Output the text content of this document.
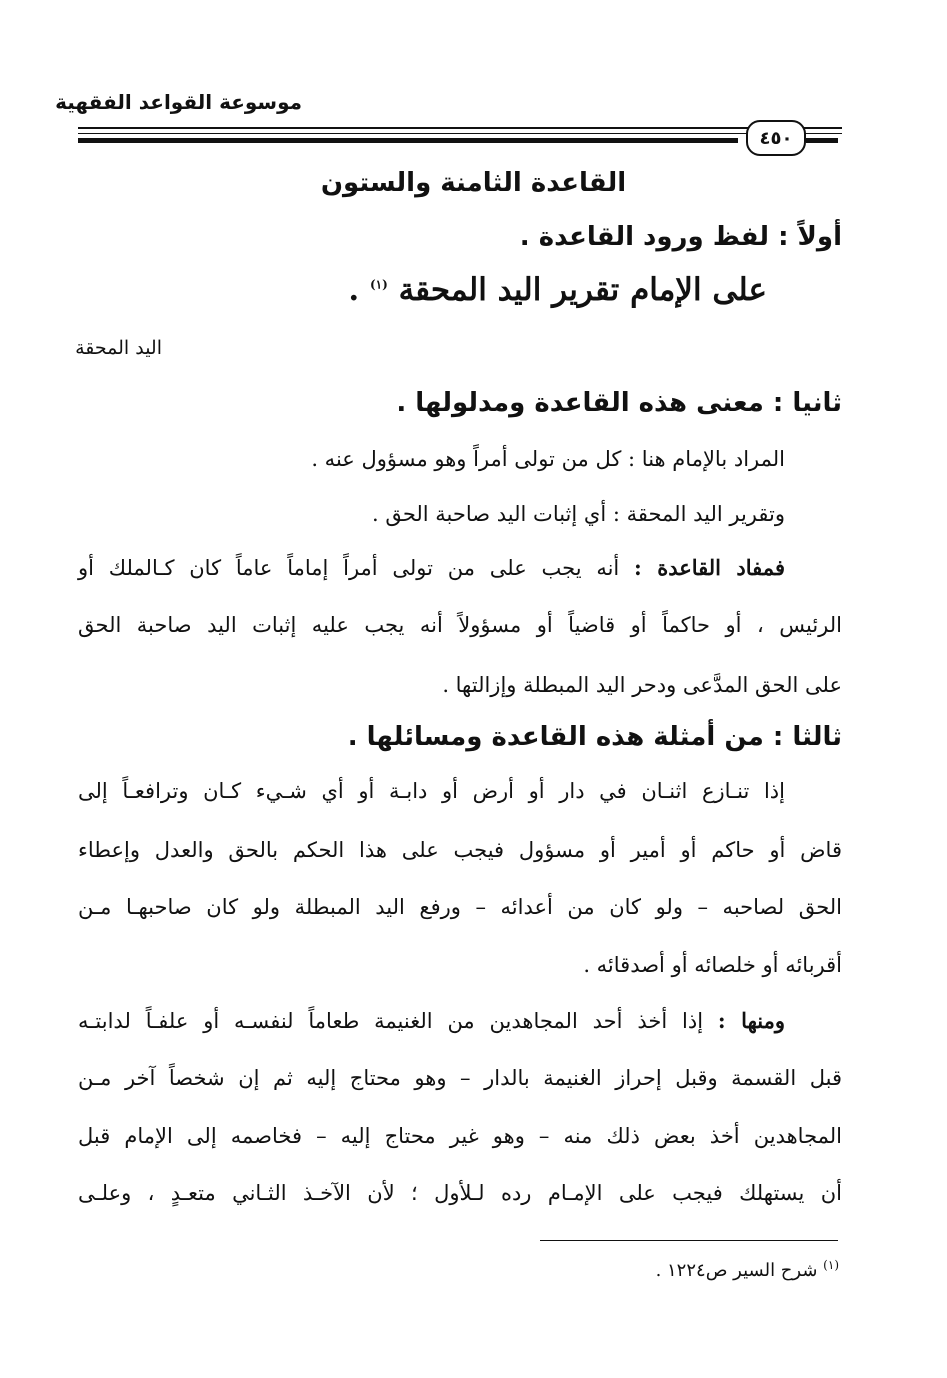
موسوعة القواعد الفقهية
٤٥٠
القاعدة الثامنة والستون
أولاً : لفظ ورود القاعدة .
على الإمام تقرير اليد المحقة $^{(١)}$ .
اليد المحقة
ثانيا : معنى هذه القاعدة ومدلولها .
المراد بالإمام هنا : كل من تولى أمراً وهو مسؤول عنه .
وتقرير اليد المحقة : أي إثبات اليد صاحبة الحق .
فمفاد القاعدة : أنه يجب على من تولى أمراً إماماً عاماً كان كـالملك أو
الرئيس ، أو حاكماً أو قاضياً أو مسؤولاً أنه يجب عليه إثبات اليد صاحبة الحق
على الحق المدَّعى ودحر اليد المبطلة وإزالتها .
ثالثا : من أمثلة هذه القاعدة ومسائلها .
إذا تنـازع اثنـان في دار أو أرض أو دابـة أو أي شـيء كـان وترافعـاً إلى
قاض أو حاكم أو أمير أو مسؤول فيجب على هذا الحكم بالحق والعدل وإعطاء
الحق لصاحبه – ولو كان من أعدائه – ورفع اليد المبطلة ولو كان صاحبهـا مـن
أقربائه أو خلصائه أو أصدقائه .
ومنها : إذا أخذ أحد المجاهدين من الغنيمة طعاماً لنفسـه أو علفـاً لدابتـه
قبل القسمة وقبل إحراز الغنيمة بالدار – وهو محتاج إليه ثم إن شخصاً آخر مـن
المجاهدين أخذ بعض ذلك منه – وهو غير محتاج إليه – فخاصمه إلى الإمام قبل
أن يستهلك فيجب على الإمـام رده لـلأول ؛ لأن الآخـذ الثـاني متعـدٍ ، وعلـى
$^{(١)}$ شرح السير ص١٢٢٤ .
